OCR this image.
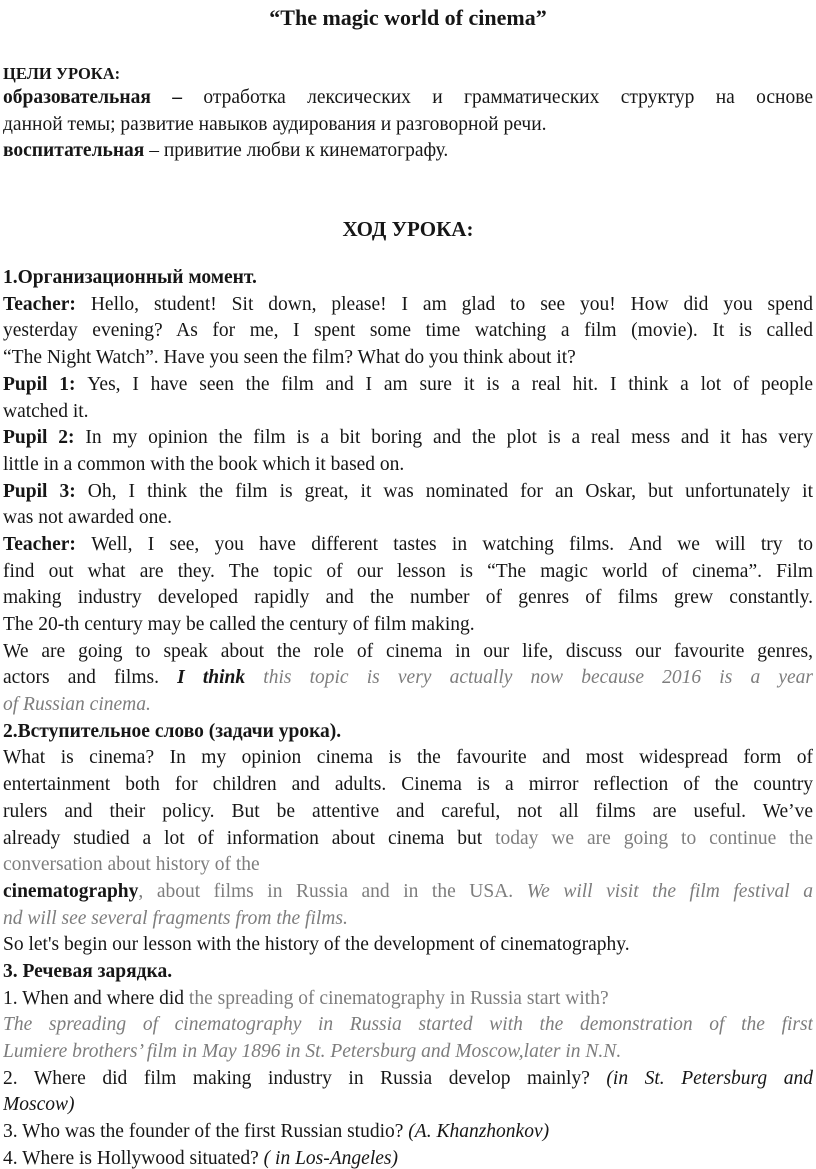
“The magic world of cinema”
ЦЕЛИ УРОКА:
образовательная – отработка лексических и грамматических структур на основе
данной темы; развитие навыков аудирования и разговорной речи.
воспитательная – привитие любви к кинематографу.
ХОД УРОКА:
1.Организационный момент.
Teacher: Hello, student! Sit down, please! I am glad to see you! How did you spend
yesterday evening? As for me, I spent some time watching a film (movie). It is called
“The Night Watch”. Have you seen the film? What do you think about it?
Pupil 1: Yes, I have seen the film and I am sure it is a real hit. I think a lot of people
watched it.
Pupil 2: In my opinion the film is a bit boring and the plot is a real mess and it has very
little in a common with the book which it based on.
Pupil 3: Oh, I think the film is great, it was nominated for an Oskar, but unfortunately it
was not awarded one.
Teacher: Well, I see, you have different tastes in watching films. And we will try to
find out what are they. The topic of our lesson is “The magic world of cinema”. Film
making industry developed rapidly and the number of genres of films grew constantly.
The 20-th century may be called the century of film making.
We are going to speak about the role of cinema in our life, discuss our favourite genres,
actors and films. I think this topic is very actually now because 2016 is a year
of Russian cinema.
2.Вступительное слово (задачи урока).
What is cinema? In my opinion cinema is the favourite and most widespread form of
entertainment both for children and adults. Cinema is a mirror reflection of the country
rulers and their policy. But be attentive and careful, not all films are useful. We’ve
already studied a lot of information about cinema but today we are going to continue the
conversation about history of the
cinematography, about films in Russia and in the USA. We will visit the film festival a
nd will see several fragments from the films.
So let's begin our lesson with the history of the development of cinematography.
3. Речевая зарядка.
1. When and where did the spreading of cinematography in Russia start with?
The spreading of cinematography in Russia started with the demonstration of the first
Lumiere brothers’ film in May 1896 in St. Petersburg and Moscow,later in N.N.
2. Where did film making industry in Russia develop mainly? (in St. Petersburg and
Moscow)
3. Who was the founder of the first Russian studio? (A. Khanzhonkov)
4. Where is Hollywood situated? ( in Los-Angeles)
